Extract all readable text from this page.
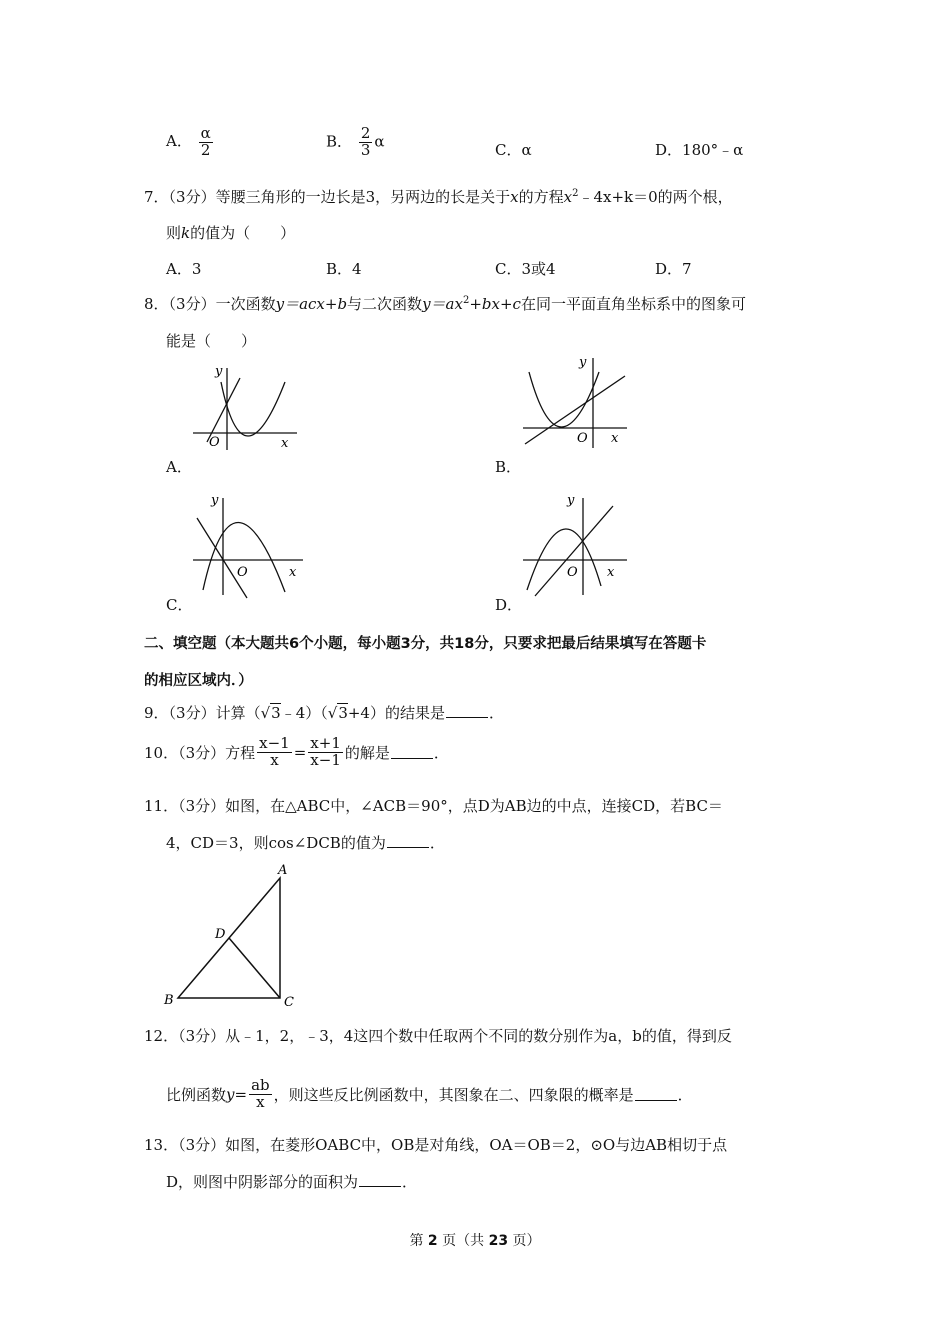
A． $\frac{\alpha}{2}$	B． $\frac{2}{3}$ α	C．α	D．180°﹣α
7．（3分）等腰三角形的一边长是3，另两边的长是关于x的方程$x^2﹣4x+k=0$的两个根，
则k的值为（　　）
A．3	B．4	C．3或4	D．7
8．（3分）一次函数y＝acx+b与二次函数$y=ax^2+bx+c$在同一平面直角坐标系中的图象可
能是（　　）
y
x
O
A．
y
x
O
B．
y
x
O
C．
y
x
O
D．
二、填空题（本大题共6个小题，每小题3分，共18分，只要求把最后结果填写在答题卡
的相应区域内．）
9．（3分）计算（√3﹣4）（√3+4）的结果是	．
10．（3分）方程 $\frac{x-1}{x} = \frac{x+1}{x-1}$ 的解是	．
11．（3分）如图，在△ABC中，∠ACB＝90°，点D为AB边的中点，连接CD，若BC＝
4，CD＝3，则cos∠DCB的值为	．
A
B	C
D
12．（3分）从﹣1，2，﹣3，4这四个数中任取两个不同的数分别作为a，b的值，得到反
比例函数$y= \frac{ab}{x}$ ，则这些反比例函数中，其图象在二、四象限的概率是	．
13．（3分）如图，在菱形OABC中，OB是对角线，OA＝OB＝2，⊙O与边AB相切于点
D，则图中阴影部分的面积为	．
第 2 页（共 23 页）
